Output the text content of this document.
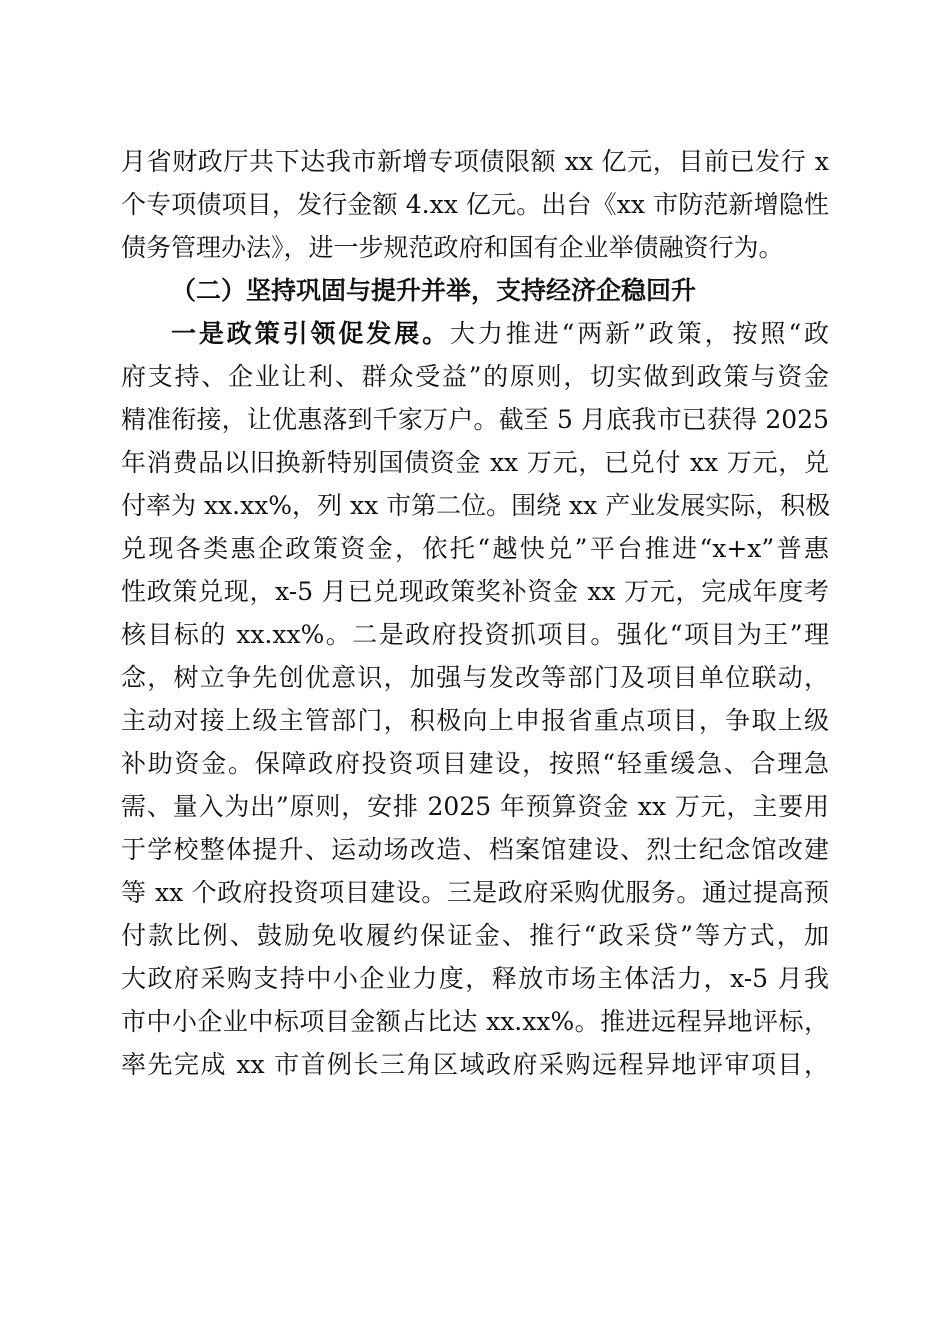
月省财政厅共下达我市新增专项债限额 xx 亿元，目前已发行 x
个专项债项目，发行金额 4.xx 亿元。出台《xx 市防范新增隐性
债务管理办法》，进一步规范政府和国有企业举债融资行为。
（二）坚持巩固与提升并举，支持经济企稳回升
一是政策引领促发展。大力推进“两新”政策，按照“政
府支持、企业让利、群众受益”的原则，切实做到政策与资金
精准衔接，让优惠落到千家万户。截至 5 月底我市已获得 2025
年消费品以旧换新特别国债资金 xx 万元，已兑付 xx 万元，兑
付率为 xx.xx%，列 xx 市第二位。围绕 xx 产业发展实际，积极
兑现各类惠企政策资金，依托“越快兑”平台推进“x+x”普惠
性政策兑现，x-5 月已兑现政策奖补资金 xx 万元，完成年度考
核目标的 xx.xx%。二是政府投资抓项目。强化“项目为王”理
念，树立争先创优意识，加强与发改等部门及项目单位联动，
主动对接上级主管部门，积极向上申报省重点项目，争取上级
补助资金。保障政府投资项目建设，按照“轻重缓急、合理急
需、量入为出”原则，安排 2025 年预算资金 xx 万元，主要用
于学校整体提升、运动场改造、档案馆建设、烈士纪念馆改建
等 xx 个政府投资项目建设。三是政府采购优服务。通过提高预
付款比例、鼓励免收履约保证金、推行“政采贷”等方式，加
大政府采购支持中小企业力度，释放市场主体活力，x-5 月我
市中小企业中标项目金额占比达 xx.xx%。推进远程异地评标，
率先完成 xx 市首例长三角区域政府采购远程异地评审项目，
